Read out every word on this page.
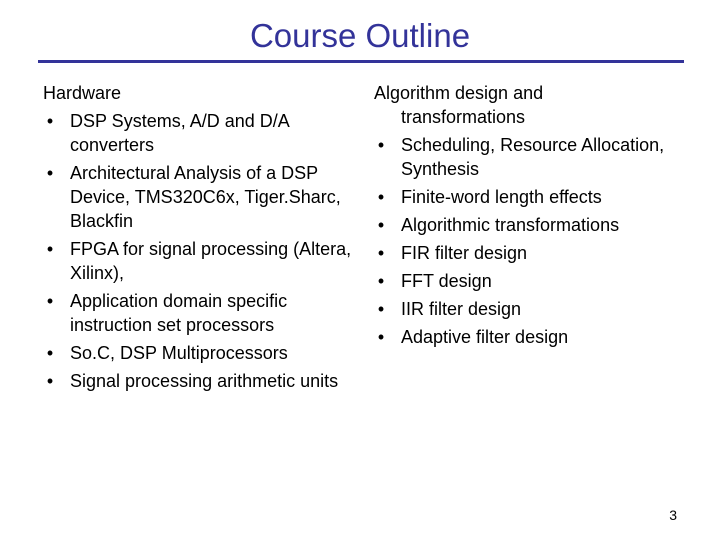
Course Outline

Hardware

• DSP Systems, A/D and D/A converters
• Architectural Analysis of a DSP Device, TMS320C6x, Tiger.Sharc, Blackfin
• FPGA for signal processing (Altera, Xilinx),
• Application domain specific instruction set processors
• So.C, DSP Multiprocessors
• Signal processing arithmetic units

Algorithm design and
transformations

• Scheduling, Resource Allocation, Synthesis
• Finite-word length effects
• Algorithmic transformations
• FIR filter design
• FFT design
• IIR filter design
• Adaptive filter design
3
